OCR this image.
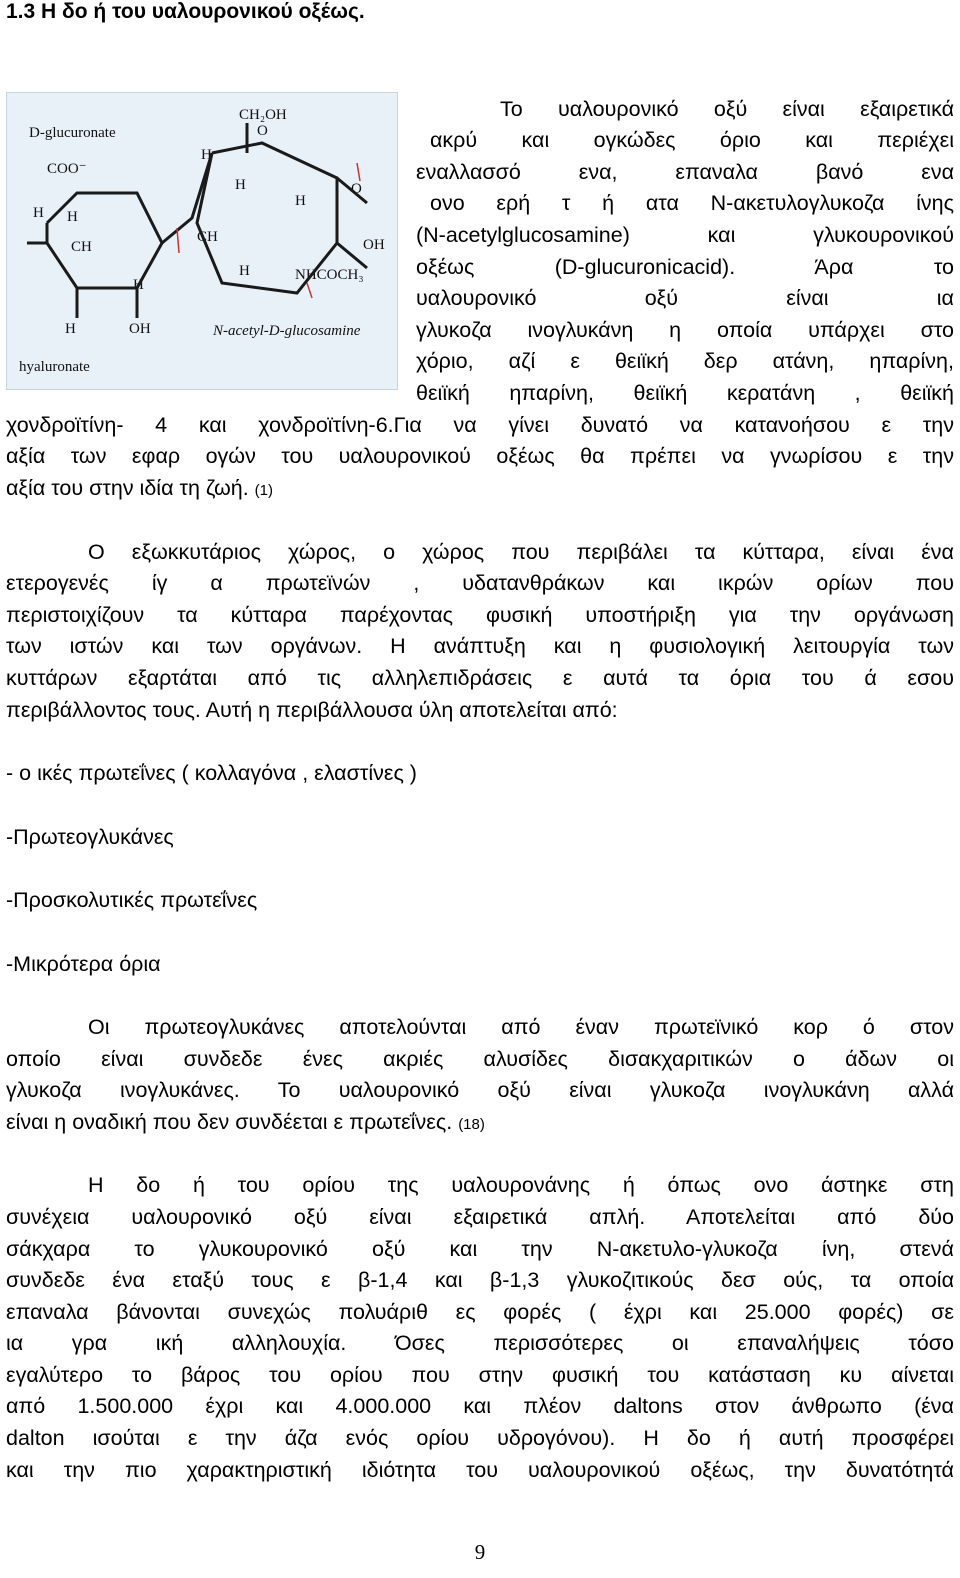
1.3 Η δο ή του υαλουρονικού οξέως.
D-glucuronate
COO⁻
CH₂OH
NHCOCH₃
hyaluronate
N-acetyl-D-glucosamine
H
H
CH
H
H	OH
H
H
H
CH
H
O
O
OH
Το υαλουρονικό οξύ είναι εξαιρετικά
ακρύ και ογκώδες όριο και περιέχει
εναλλασσό ενα, επαναλα βανό ενα
ονο ερή τ ή ατα Ν-ακετυλογλυκοζα ίνης
(N-acetylglucosamine) και γλυκουρονικού
οξέως (D-glucuronicacid). Άρα το
υαλουρονικό οξύ είναι ια
γλυκοζα ινογλυκάνη η οποία υπάρχει στο
χόριο, αζί ε θειϊκή δερ ατάνη, ηπαρίνη,
θειϊκή ηπαρίνη, θειϊκή κερατάνη , θειϊκή
χονδροϊτίνη- 4 και χονδροϊτίνη-6.Για να γίνει δυνατό να κατανοήσου ε την
αξία των εφαρ ογών του υαλουρονικού οξέως θα πρέπει να γνωρίσου ε την
αξία του στην ιδία τη ζωή. (1)
Ο εξωκκυτάριος χώρος, ο χώρος που περιβάλει τα κύτταρα, είναι ένα
ετερογενές ίγ α πρωτεϊνών , υδατανθράκων και ικρών ορίων που
περιστοιχίζουν τα κύτταρα παρέχοντας φυσική υποστήριξη για την οργάνωση
των ιστών και των οργάνων. Η ανάπτυξη και η φυσιολογική λειτουργία των
κυττάρων εξαρτάται από τις αλληλεπιδράσεις ε αυτά τα όρια του ά εσου
περιβάλλοντος τους. Αυτή η περιβάλλουσα ύλη αποτελείται από:
- ο ικές πρωτεΐνες ( κολλαγόνα , ελαστίνες )
-Πρωτεογλυκάνες
-Προσκολυτικές πρωτεΐνες
-Μικρότερα όρια
Οι πρωτεογλυκάνες αποτελούνται από έναν πρωτεϊνικό κορ ό στον
οποίο είναι συνδεδε ένες ακριές αλυσίδες δισακχαριτικών ο άδων οι
γλυκοζα ινογλυκάνες. Το υαλουρονικό οξύ είναι γλυκοζα ινογλυκάνη αλλά
είναι η οναδική που δεν συνδέεται ε πρωτεΐνες. (18)
Η δο ή του ορίου της υαλουρονάνης ή όπως ονο άστηκε στη
συνέχεια υαλουρονικό οξύ είναι εξαιρετικά απλή. Αποτελείται από δύο
σάκχαρα το γλυκουρονικό οξύ και την Ν-ακετυλο-γλυκοζα ίνη, στενά
συνδεδε ένα εταξύ τους ε β-1,4 και β-1,3 γλυκοζιτικούς δεσ ούς, τα οποία
επαναλα βάνονται συνεχώς πολυάριθ ες φορές ( έχρι και 25.000 φορές) σε
ια γρα ική αλληλουχία. Όσες περισσότερες οι επαναλήψεις τόσο
εγαλύτερο το βάρος του ορίου που στην φυσική του κατάσταση κυ αίνεται
από 1.500.000 έχρι και 4.000.000 και πλέον daltons στον άνθρωπο (ένα
dalton ισούται ε την άζα ενός ορίου υδρογόνου). Η δο ή αυτή προσφέρει
και την πιο χαρακτηριστική ιδιότητα του υαλουρονικού οξέως, την δυνατότητά
9
